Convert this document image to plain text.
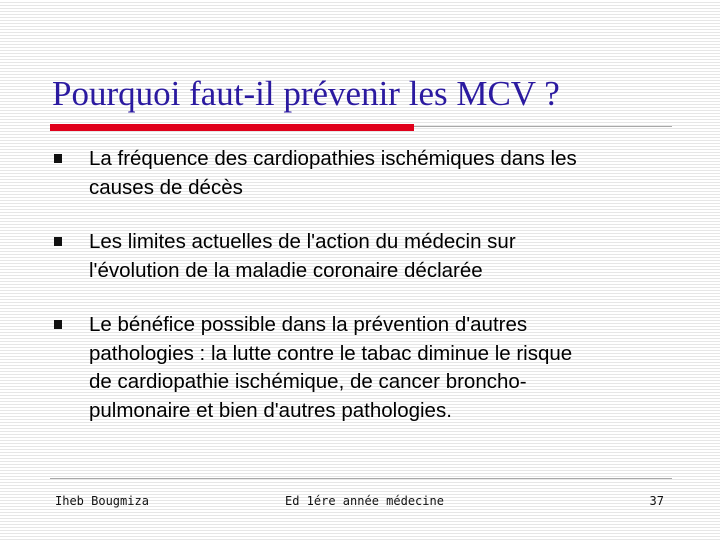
Pourquoi faut-il prévenir les MCV ?
La fréquence des cardiopathies ischémiques dans les
causes de décès
Les limites actuelles de l'action du médecin sur
l'évolution de la maladie coronaire déclarée
Le bénéfice possible dans la prévention d'autres
pathologies : la lutte contre le tabac diminue le risque
de cardiopathie ischémique, de cancer broncho-
pulmonaire et bien d'autres pathologies.
Iheb Bougmiza	Ed 1ére année médecine	37
